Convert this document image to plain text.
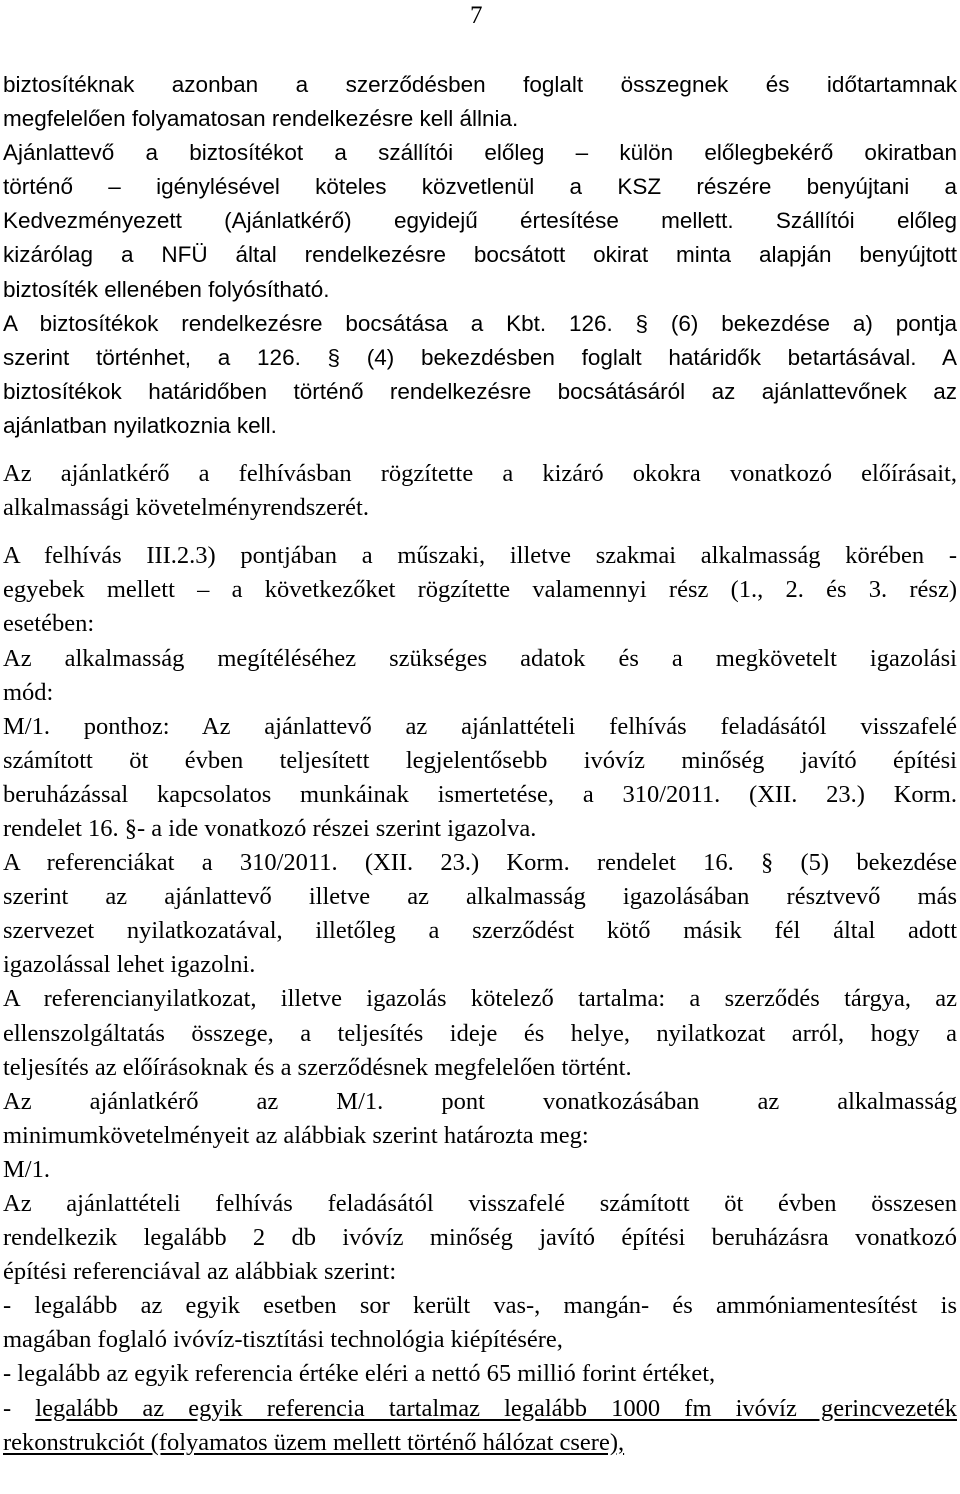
7
biztosítéknak azonban a szerződésben foglalt összegnek és időtartamnak
megfelelően folyamatosan rendelkezésre kell állnia.
Ajánlattevő a biztosítékot a szállítói előleg – külön előlegbekérő okiratban
történő – igénylésével köteles közvetlenül a KSZ részére benyújtani a
Kedvezményezett (Ajánlatkérő) egyidejű értesítése mellett. Szállítói előleg
kizárólag a NFÜ által rendelkezésre bocsátott okirat minta alapján benyújtott
biztosíték ellenében folyósítható.
A biztosítékok rendelkezésre bocsátása a Kbt. 126. § (6) bekezdése a) pontja
szerint történhet, a 126. § (4) bekezdésben foglalt határidők betartásával. A
biztosítékok határidőben történő rendelkezésre bocsátásáról az ajánlattevőnek az
ajánlatban nyilatkoznia kell.
Az ajánlatkérő a felhívásban rögzítette a kizáró okokra vonatkozó előírásait,
alkalmassági követelményrendszerét.
A felhívás III.2.3) pontjában a műszaki, illetve szakmai alkalmasság körében -
egyebek mellett – a következőket rögzítette valamennyi rész (1., 2. és 3. rész)
esetében:
Az alkalmasság megítéléséhez szükséges adatok és a megkövetelt igazolási
mód:
M/1. ponthoz: Az ajánlattevő az ajánlattételi felhívás feladásától visszafelé
számított öt évben teljesített legjelentősebb ivóvíz minőség javító építési
beruházással kapcsolatos munkáinak ismertetése, a 310/2011. (XII. 23.) Korm.
rendelet 16. §- a ide vonatkozó részei szerint igazolva.
A referenciákat a 310/2011. (XII. 23.) Korm. rendelet 16. § (5) bekezdése
szerint az ajánlattevő illetve az alkalmasság igazolásában résztvevő más
szervezet nyilatkozatával, illetőleg a szerződést kötő másik fél által adott
igazolással lehet igazolni.
A referencianyilatkozat, illetve igazolás kötelező tartalma: a szerződés tárgya, az
ellenszolgáltatás összege, a teljesítés ideje és helye, nyilatkozat arról, hogy a
teljesítés az előírásoknak és a szerződésnek megfelelően történt.
Az ajánlatkérő az M/1. pont vonatkozásában az alkalmasság
minimumkövetelményeit az alábbiak szerint határozta meg:
M/1.
Az ajánlattételi felhívás feladásától visszafelé számított öt évben összesen
rendelkezik legalább 2 db ivóvíz minőség javító építési beruházásra vonatkozó
építési referenciával az alábbiak szerint:
- legalább az egyik esetben sor került vas-, mangán- és ammóniamentesítést is
magában foglaló ivóvíz-tisztítási technológia kiépítésére,
- legalább az egyik referencia értéke eléri a nettó 65 millió forint értéket,
- legalább az egyik referencia tartalmaz legalább 1000 fm ivóvíz gerincvezeték
rekonstrukciót (folyamatos üzem mellett történő hálózat csere),
